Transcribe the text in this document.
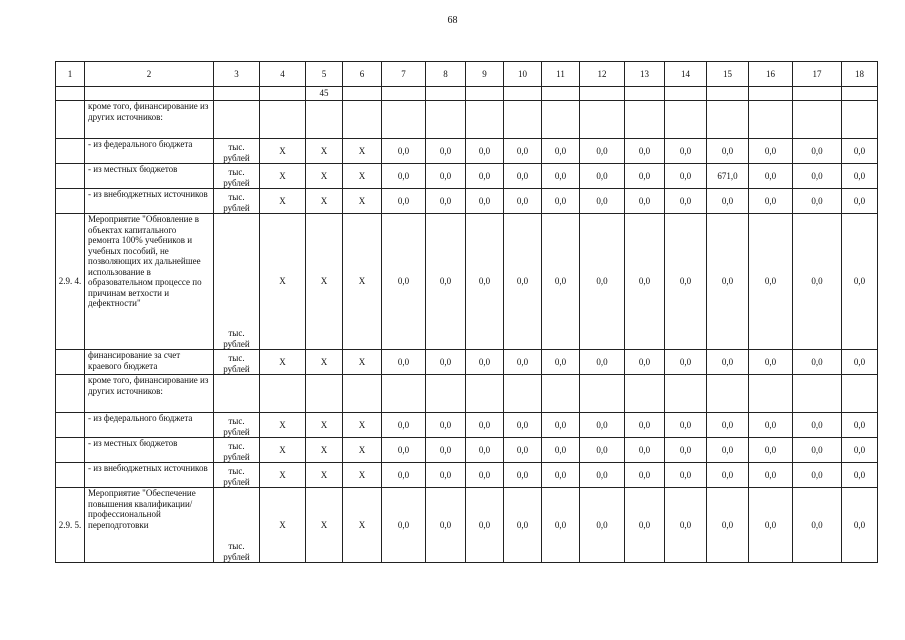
68
1	2	3	4	5	6	7	8	9	10	11	12	13	14	15	16	17	18
				45													
	кроме того, финансирование из других источников:																
	- из федерального бюджета	тыс. рублей	Х	Х	Х	0,0	0,0	0,0	0,0	0,0	0,0	0,0	0,0	0,0	0,0	0,0	0,0
	- из местных бюджетов	тыс. рублей	Х	Х	Х	0,0	0,0	0,0	0,0	0,0	0,0	0,0	0,0	671,0	0,0	0,0	0,0
	- из внебюджетных источников	тыс. рублей	Х	Х	Х	0,0	0,0	0,0	0,0	0,0	0,0	0,0	0,0	0,0	0,0	0,0	0,0
2.9. 4.	Мероприятие "Обновление в объектах капитального ремонта 100% учебников и учебных пособий, не позволяющих их дальнейшее использование в образовательном процессе по причинам ветхости и дефектности"	тыс. рублей	Х	Х	Х	0,0	0,0	0,0	0,0	0,0	0,0	0,0	0,0	0,0	0,0	0,0	0,0
	финансирование за счет краевого бюджета	тыс. рублей	Х	Х	Х	0,0	0,0	0,0	0,0	0,0	0,0	0,0	0,0	0,0	0,0	0,0	0,0
	кроме того, финансирование из других источников:																
	- из федерального бюджета	тыс. рублей	Х	Х	Х	0,0	0,0	0,0	0,0	0,0	0,0	0,0	0,0	0,0	0,0	0,0	0,0
	- из местных бюджетов	тыс. рублей	Х	Х	Х	0,0	0,0	0,0	0,0	0,0	0,0	0,0	0,0	0,0	0,0	0,0	0,0
	- из внебюджетных источников	тыс. рублей	Х	Х	Х	0,0	0,0	0,0	0,0	0,0	0,0	0,0	0,0	0,0	0,0	0,0	0,0
2.9. 5.	Мероприятие "Обеспечение повышения квалификации/профессиональной переподготовки	тыс. рублей	Х	Х	Х	0,0	0,0	0,0	0,0	0,0	0,0	0,0	0,0	0,0	0,0	0,0	0,0
